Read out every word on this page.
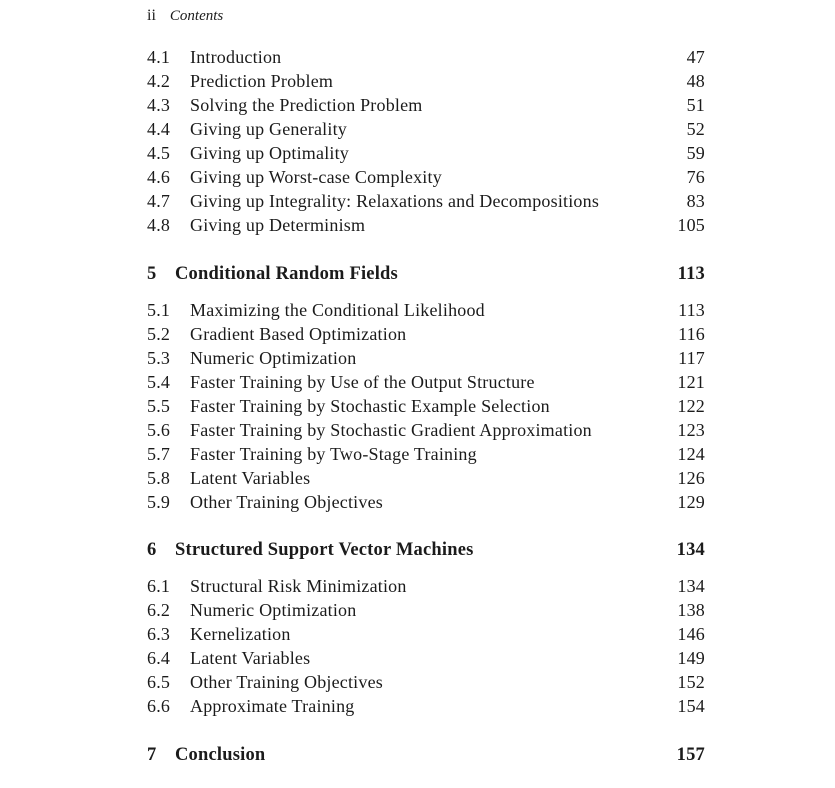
ii Contents
4.1	Introduction	47
4.2	Prediction Problem	48
4.3	Solving the Prediction Problem	51
4.4	Giving up Generality	52
4.5	Giving up Optimality	59
4.6	Giving up Worst-case Complexity	76
4.7	Giving up Integrality: Relaxations and Decompositions	83
4.8	Giving up Determinism	105
5	Conditional Random Fields	113
5.1	Maximizing the Conditional Likelihood	113
5.2	Gradient Based Optimization	116
5.3	Numeric Optimization	117
5.4	Faster Training by Use of the Output Structure	121
5.5	Faster Training by Stochastic Example Selection	122
5.6	Faster Training by Stochastic Gradient Approximation	123
5.7	Faster Training by Two-Stage Training	124
5.8	Latent Variables	126
5.9	Other Training Objectives	129
6	Structured Support Vector Machines	134
6.1	Structural Risk Minimization	134
6.2	Numeric Optimization	138
6.3	Kernelization	146
6.4	Latent Variables	149
6.5	Other Training Objectives	152
6.6	Approximate Training	154
7	Conclusion	157
